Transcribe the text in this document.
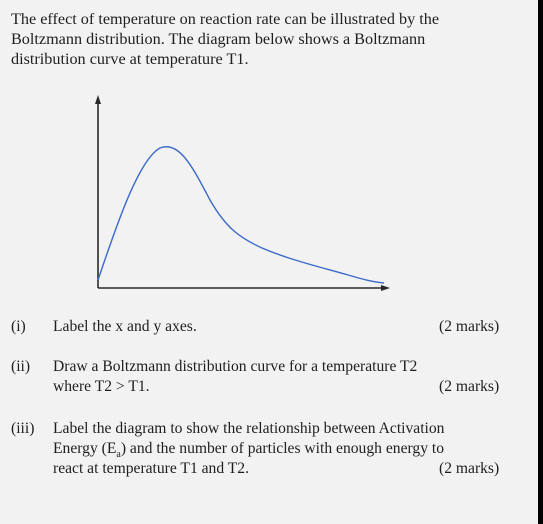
The effect of temperature on reaction rate can be illustrated by the
Boltzmann distribution. The diagram below shows a Boltzmann
distribution curve at temperature T1.

(i) Label the x and y axes.	(2 marks)
(ii) Draw a Boltzmann distribution curve for a temperature T2
where T2 > T1.	(2 marks)
(iii) Label the diagram to show the relationship between Activation
Energy $(E_a)$ and the number of particles with enough energy to
react at temperature T1 and T2.	(2 marks)
